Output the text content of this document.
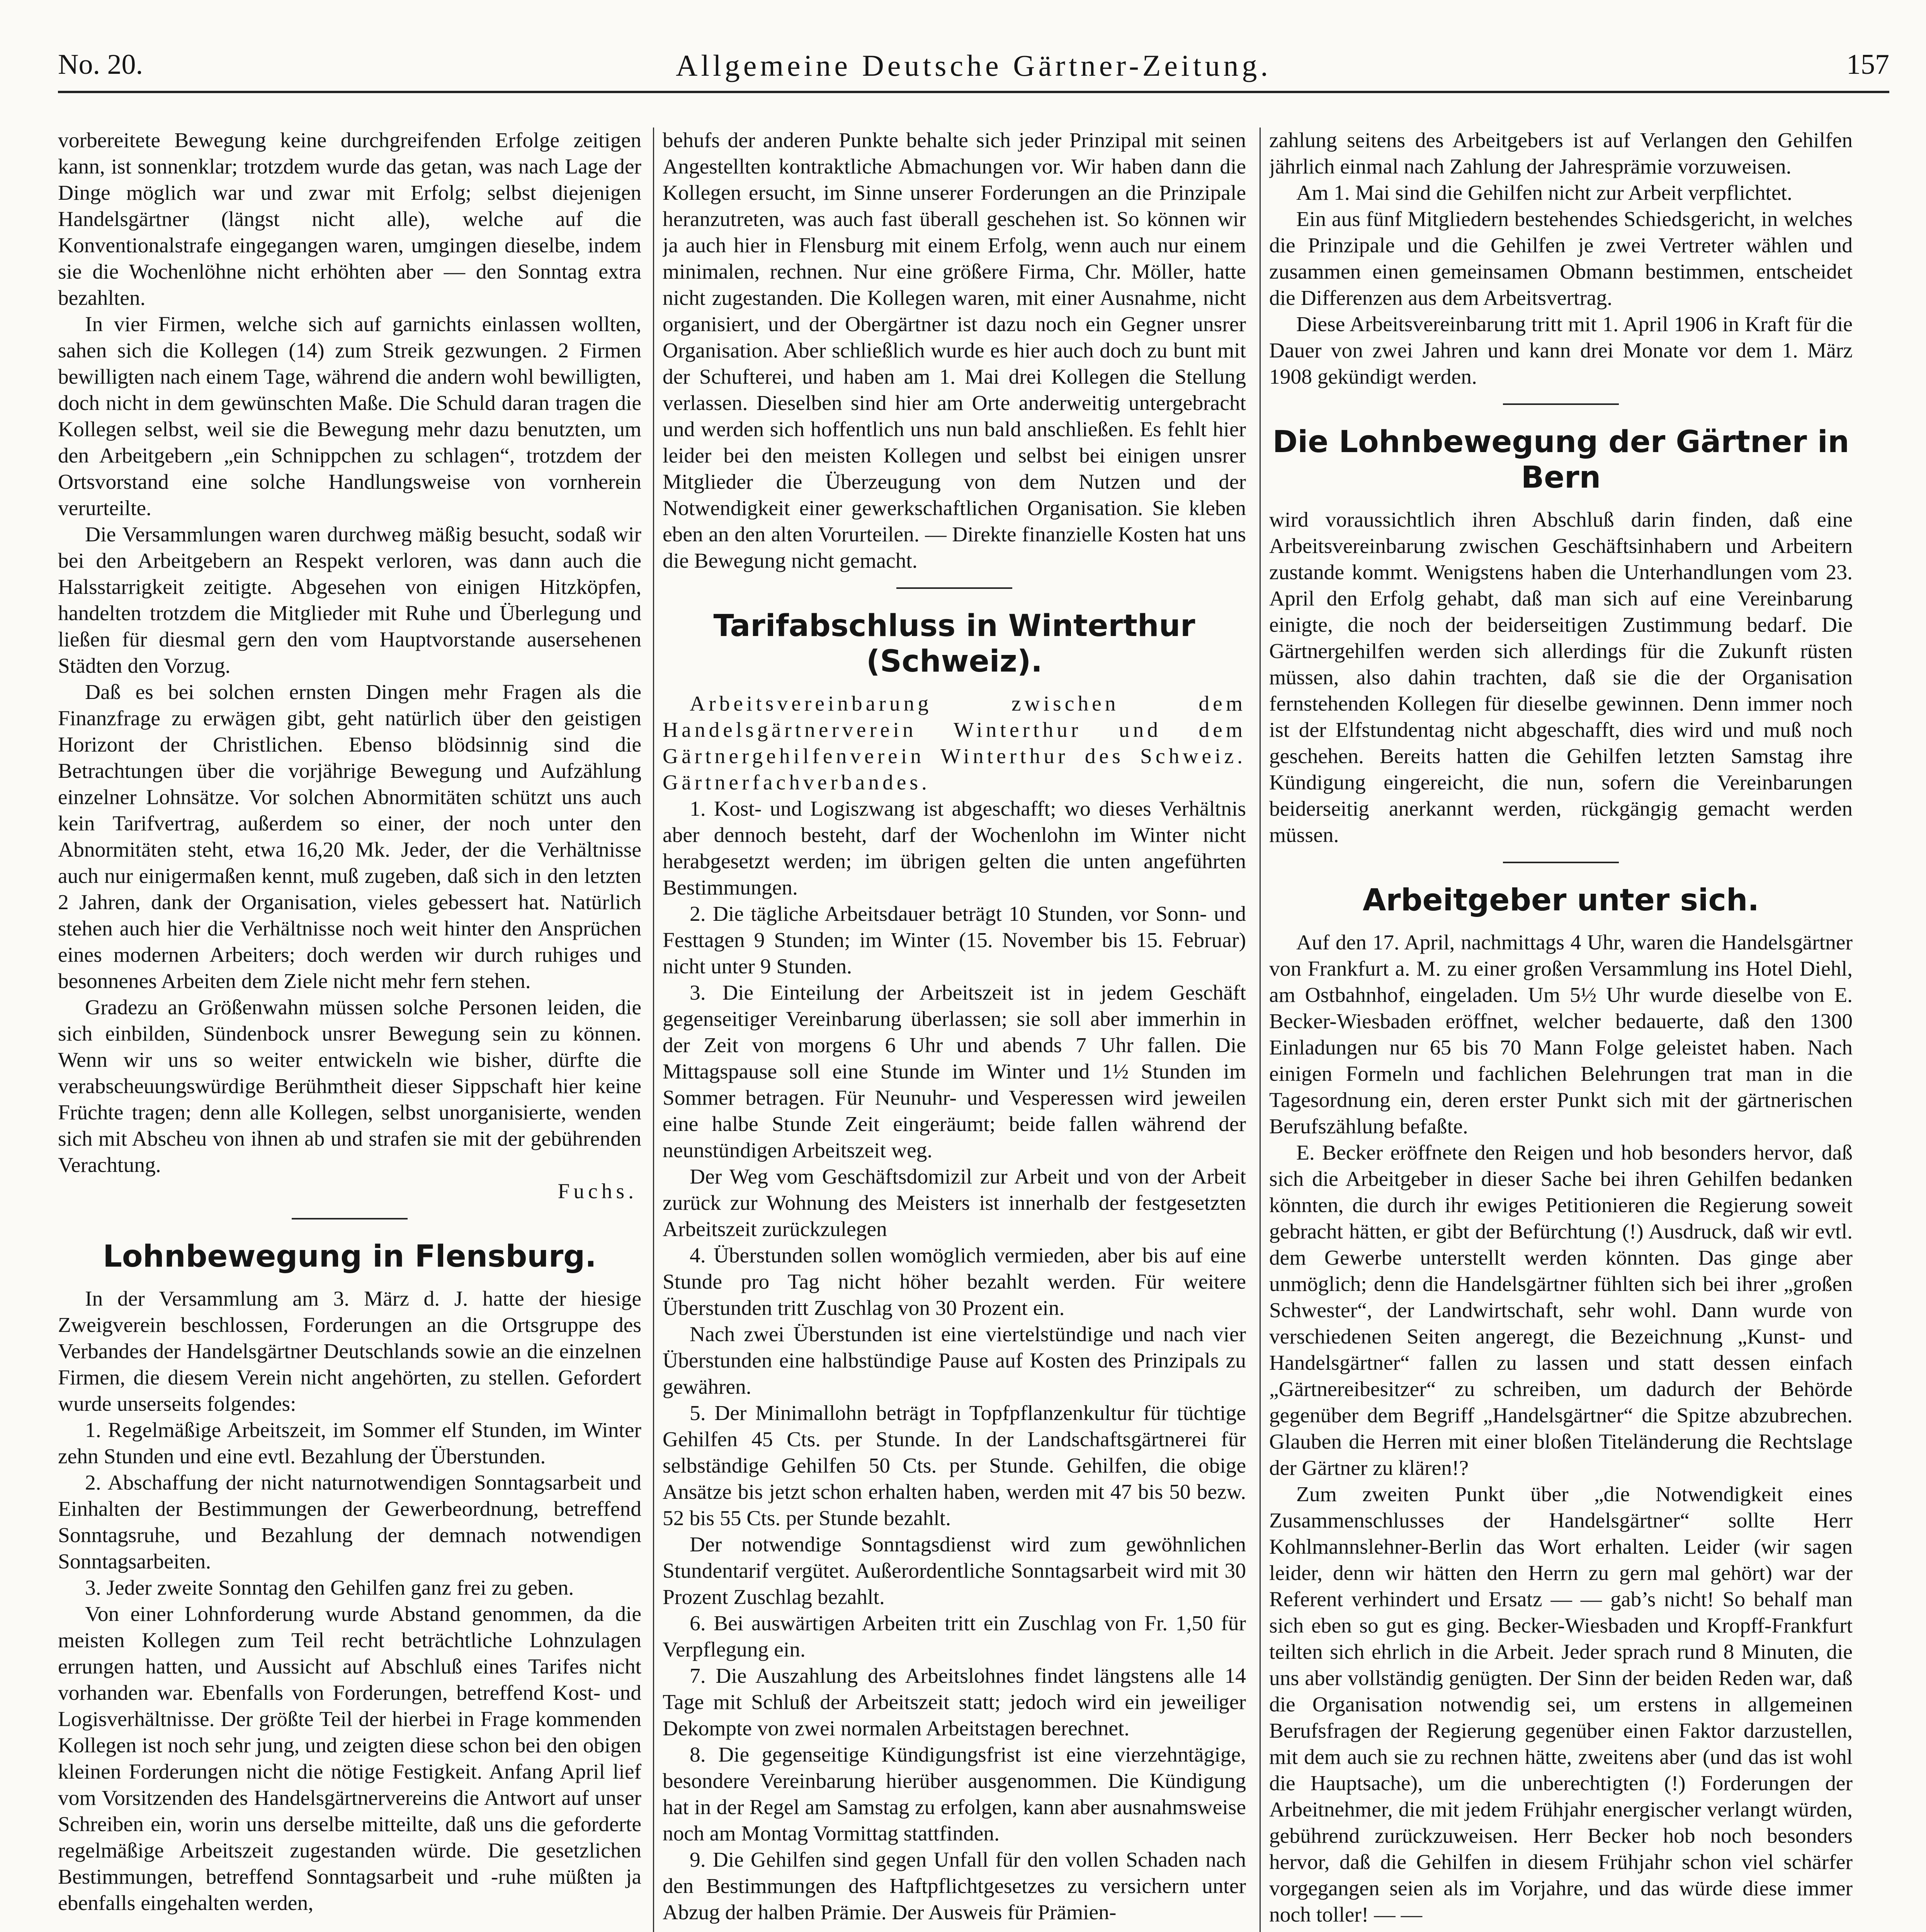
No. 20.	Allgemeine Deutsche Gärtner-Zeitung.	157

vorbereitete Bewegung keine durchgreifenden Erfolge zeitigen kann, ist sonnenklar; trotzdem wurde das getan, was nach Lage der Dinge möglich war und zwar mit Erfolg; selbst diejenigen Handelsgärtner (längst nicht alle), welche auf die Konventionalstrafe eingegangen waren, umgingen dieselbe, indem sie die Wochenlöhne nicht erhöhten aber — den Sonntag extra bezahlten.

In vier Firmen, welche sich auf garnichts einlassen wollten, sahen sich die Kollegen (14) zum Streik gezwungen. 2 Firmen bewilligten nach einem Tage, während die andern wohl bewilligten, doch nicht in dem gewünschten Maße. Die Schuld daran tragen die Kollegen selbst, weil sie die Bewegung mehr dazu benutzten, um den Arbeitgebern „ein Schnippchen zu schlagen“, trotzdem der Ortsvorstand eine solche Handlungsweise von vornherein verurteilte.

Die Versammlungen waren durchweg mäßig besucht, sodaß wir bei den Arbeitgebern an Respekt verloren, was dann auch die Halsstarrigkeit zeitigte. Abgesehen von einigen Hitzköpfen, handelten trotzdem die Mitglieder mit Ruhe und Überlegung und ließen für diesmal gern den vom Hauptvorstande ausersehenen Städten den Vorzug.

Daß es bei solchen ernsten Dingen mehr Fragen als die Finanzfrage zu erwägen gibt, geht natürlich über den geistigen Horizont der Christlichen. Ebenso blödsinnig sind die Betrachtungen über die vorjährige Bewegung und Aufzählung einzelner Lohnsätze. Vor solchen Abnormitäten schützt uns auch kein Tarifvertrag, außerdem so einer, der noch unter den Abnormitäten steht, etwa 16,20 Mk. Jeder, der die Verhältnisse auch nur einigermaßen kennt, muß zugeben, daß sich in den letzten 2 Jahren, dank der Organisation, vieles gebessert hat. Natürlich stehen auch hier die Verhältnisse noch weit hinter den Ansprüchen eines modernen Arbeiters; doch werden wir durch ruhiges und besonnenes Arbeiten dem Ziele nicht mehr fern stehen.

Gradezu an Größenwahn müssen solche Personen leiden, die sich einbilden, Sündenbock unsrer Bewegung sein zu können. Wenn wir uns so weiter entwickeln wie bisher, dürfte die verabscheuungswürdige Berühmtheit dieser Sippschaft hier keine Früchte tragen; denn alle Kollegen, selbst unorganisierte, wenden sich mit Abscheu von ihnen ab und strafen sie mit der gebührenden Verachtung.

Fuchs.

Lohnbewegung in Flensburg.

In der Versammlung am 3. März d. J. hatte der hiesige Zweigverein beschlossen, Forderungen an die Ortsgruppe des Verbandes der Handelsgärtner Deutschlands sowie an die einzelnen Firmen, die diesem Verein nicht angehörten, zu stellen. Gefordert wurde unserseits folgendes:

1. Regelmäßige Arbeitszeit, im Sommer elf Stunden, im Winter zehn Stunden und eine evtl. Bezahlung der Überstunden.

2. Abschaffung der nicht naturnotwendigen Sonntagsarbeit und Einhalten der Bestimmungen der Gewerbeordnung, betreffend Sonntagsruhe, und Bezahlung der demnach notwendigen Sonntagsarbeiten.

3. Jeder zweite Sonntag den Gehilfen ganz frei zu geben.

Von einer Lohnforderung wurde Abstand genommen, da die meisten Kollegen zum Teil recht beträchtliche Lohnzulagen errungen hatten, und Aussicht auf Abschluß eines Tarifes nicht vorhanden war. Ebenfalls von Forderungen, betreffend Kost- und Logisverhältnisse. Der größte Teil der hierbei in Frage kommenden Kollegen ist noch sehr jung, und zeigten diese schon bei den obigen kleinen Forderungen nicht die nötige Festigkeit. Anfang April lief vom Vorsitzenden des Handelsgärtnervereins die Antwort auf unser Schreiben ein, worin uns derselbe mitteilte, daß uns die geforderte regelmäßige Arbeitszeit zugestanden würde. Die gesetzlichen Bestimmungen, betreffend Sonntagsarbeit und -ruhe müßten ja ebenfalls eingehalten werden,

behufs der anderen Punkte behalte sich jeder Prinzipal mit seinen Angestellten kontraktliche Abmachungen vor. Wir haben dann die Kollegen ersucht, im Sinne unserer Forderungen an die Prinzipale heranzutreten, was auch fast überall geschehen ist. So können wir ja auch hier in Flensburg mit einem Erfolg, wenn auch nur einem minimalen, rechnen. Nur eine größere Firma, Chr. Möller, hatte nicht zugestanden. Die Kollegen waren, mit einer Ausnahme, nicht organisiert, und der Obergärtner ist dazu noch ein Gegner unsrer Organisation. Aber schließlich wurde es hier auch doch zu bunt mit der Schufterei, und haben am 1. Mai drei Kollegen die Stellung verlassen. Dieselben sind hier am Orte anderweitig untergebracht und werden sich hoffentlich uns nun bald anschließen. Es fehlt hier leider bei den meisten Kollegen und selbst bei einigen unsrer Mitglieder die Überzeugung von dem Nutzen und der Notwendigkeit einer gewerkschaftlichen Organisation. Sie kleben eben an den alten Vorurteilen. — Direkte finanzielle Kosten hat uns die Bewegung nicht gemacht.

Tarifabschluss in Winterthur (Schweiz).

Arbeitsvereinbarung zwischen dem Handelsgärtnerverein Winterthur und dem Gärtnergehilfenverein Winterthur des Schweiz. Gärtnerfachverbandes.

1. Kost- und Logiszwang ist abgeschafft; wo dieses Verhältnis aber dennoch besteht, darf der Wochenlohn im Winter nicht herabgesetzt werden; im übrigen gelten die unten angeführten Bestimmungen.

2. Die tägliche Arbeitsdauer beträgt 10 Stunden, vor Sonn- und Festtagen 9 Stunden; im Winter (15. November bis 15. Februar) nicht unter 9 Stunden.

3. Die Einteilung der Arbeitszeit ist in jedem Geschäft gegenseitiger Vereinbarung überlassen; sie soll aber immerhin in der Zeit von morgens 6 Uhr und abends 7 Uhr fallen. Die Mittagspause soll eine Stunde im Winter und 1½ Stunden im Sommer betragen. Für Neunuhr- und Vesperessen wird jeweilen eine halbe Stunde Zeit eingeräumt; beide fallen während der neunstündigen Arbeitszeit weg.

Der Weg vom Geschäftsdomizil zur Arbeit und von der Arbeit zurück zur Wohnung des Meisters ist innerhalb der festgesetzten Arbeitszeit zurückzulegen

4. Überstunden sollen womöglich vermieden, aber bis auf eine Stunde pro Tag nicht höher bezahlt werden. Für weitere Überstunden tritt Zuschlag von 30 Prozent ein.

Nach zwei Überstunden ist eine viertelstündige und nach vier Überstunden eine halbstündige Pause auf Kosten des Prinzipals zu gewähren.

5. Der Minimallohn beträgt in Topfpflanzenkultur für tüchtige Gehilfen 45 Cts. per Stunde. In der Landschaftsgärtnerei für selbständige Gehilfen 50 Cts. per Stunde. Gehilfen, die obige Ansätze bis jetzt schon erhalten haben, werden mit 47 bis 50 bezw. 52 bis 55 Cts. per Stunde bezahlt.

Der notwendige Sonntagsdienst wird zum gewöhnlichen Stundentarif vergütet. Außerordentliche Sonntagsarbeit wird mit 30 Prozent Zuschlag bezahlt.

6. Bei auswärtigen Arbeiten tritt ein Zuschlag von Fr. 1,50 für Verpflegung ein.

7. Die Auszahlung des Arbeitslohnes findet längstens alle 14 Tage mit Schluß der Arbeitszeit statt; jedoch wird ein jeweiliger Dekompte von zwei normalen Arbeitstagen berechnet.

8. Die gegenseitige Kündigungsfrist ist eine vierzehntägige, besondere Vereinbarung hierüber ausgenommen. Die Kündigung hat in der Regel am Samstag zu erfolgen, kann aber ausnahmsweise noch am Montag Vormittag stattfinden.

9. Die Gehilfen sind gegen Unfall für den vollen Schaden nach den Bestimmungen des Haftpflichtgesetzes zu versichern unter Abzug der halben Prämie. Der Ausweis für Prämien-

zahlung seitens des Arbeitgebers ist auf Verlangen den Gehilfen jährlich einmal nach Zahlung der Jahresprämie vorzuweisen.

Am 1. Mai sind die Gehilfen nicht zur Arbeit verpflichtet.

Ein aus fünf Mitgliedern bestehendes Schiedsgericht, in welches die Prinzipale und die Gehilfen je zwei Vertreter wählen und zusammen einen gemeinsamen Obmann bestimmen, entscheidet die Differenzen aus dem Arbeitsvertrag.

Diese Arbeitsvereinbarung tritt mit 1. April 1906 in Kraft für die Dauer von zwei Jahren und kann drei Monate vor dem 1. März 1908 gekündigt werden.

Die Lohnbewegung der Gärtner in Bern

wird voraussichtlich ihren Abschluß darin finden, daß eine Arbeitsvereinbarung zwischen Geschäftsinhabern und Arbeitern zustande kommt. Wenigstens haben die Unterhandlungen vom 23. April den Erfolg gehabt, daß man sich auf eine Vereinbarung einigte, die noch der beiderseitigen Zustimmung bedarf. Die Gärtnergehilfen werden sich allerdings für die Zukunft rüsten müssen, also dahin trachten, daß sie die der Organisation fernstehenden Kollegen für dieselbe gewinnen. Denn immer noch ist der Elfstundentag nicht abgeschafft, dies wird und muß noch geschehen. Bereits hatten die Gehilfen letzten Samstag ihre Kündigung eingereicht, die nun, sofern die Vereinbarungen beiderseitig anerkannt werden, rückgängig gemacht werden müssen.

Arbeitgeber unter sich.

Auf den 17. April, nachmittags 4 Uhr, waren die Handelsgärtner von Frankfurt a. M. zu einer großen Versammlung ins Hotel Diehl, am Ostbahnhof, eingeladen. Um 5½ Uhr wurde dieselbe von E. Becker-Wiesbaden eröffnet, welcher bedauerte, daß den 1300 Einladungen nur 65 bis 70 Mann Folge geleistet haben. Nach einigen Formeln und fachlichen Belehrungen trat man in die Tagesordnung ein, deren erster Punkt sich mit der gärtnerischen Berufszählung befaßte.

E. Becker eröffnete den Reigen und hob besonders hervor, daß sich die Arbeitgeber in dieser Sache bei ihren Gehilfen bedanken könnten, die durch ihr ewiges Petitionieren die Regierung soweit gebracht hätten, er gibt der Befürchtung (!) Ausdruck, daß wir evtl. dem Gewerbe unterstellt werden könnten. Das ginge aber unmöglich; denn die Handelsgärtner fühlten sich bei ihrer „großen Schwester“, der Landwirtschaft, sehr wohl. Dann wurde von verschiedenen Seiten angeregt, die Bezeichnung „Kunst- und Handelsgärtner“ fallen zu lassen und statt dessen einfach „Gärtnereibesitzer“ zu schreiben, um dadurch der Behörde gegenüber dem Begriff „Handelsgärtner“ die Spitze abzubrechen. Glauben die Herren mit einer bloßen Titeländerung die Rechtslage der Gärtner zu klären!?

Zum zweiten Punkt über „die Notwendigkeit eines Zusammenschlusses der Handelsgärtner“ sollte Herr Kohlmannslehner-Berlin das Wort erhalten. Leider (wir sagen leider, denn wir hätten den Herrn zu gern mal gehört) war der Referent verhindert und Ersatz — — gab’s nicht! So behalf man sich eben so gut es ging. Becker-Wiesbaden und Kropff-Frankfurt teilten sich ehrlich in die Arbeit. Jeder sprach rund 8 Minuten, die uns aber vollständig genügten. Der Sinn der beiden Reden war, daß die Organisation notwendig sei, um erstens in allgemeinen Berufsfragen der Regierung gegenüber einen Faktor darzustellen, mit dem auch sie zu rechnen hätte, zweitens aber (und das ist wohl die Hauptsache), um die unberechtigten (!) Forderungen der Arbeitnehmer, die mit jedem Frühjahr energischer verlangt würden, gebührend zurückzuweisen. Herr Becker hob noch besonders hervor, daß die Gehilfen in diesem Frühjahr schon viel schärfer vorgegangen seien als im Vorjahre, und das würde diese immer noch toller! — —
